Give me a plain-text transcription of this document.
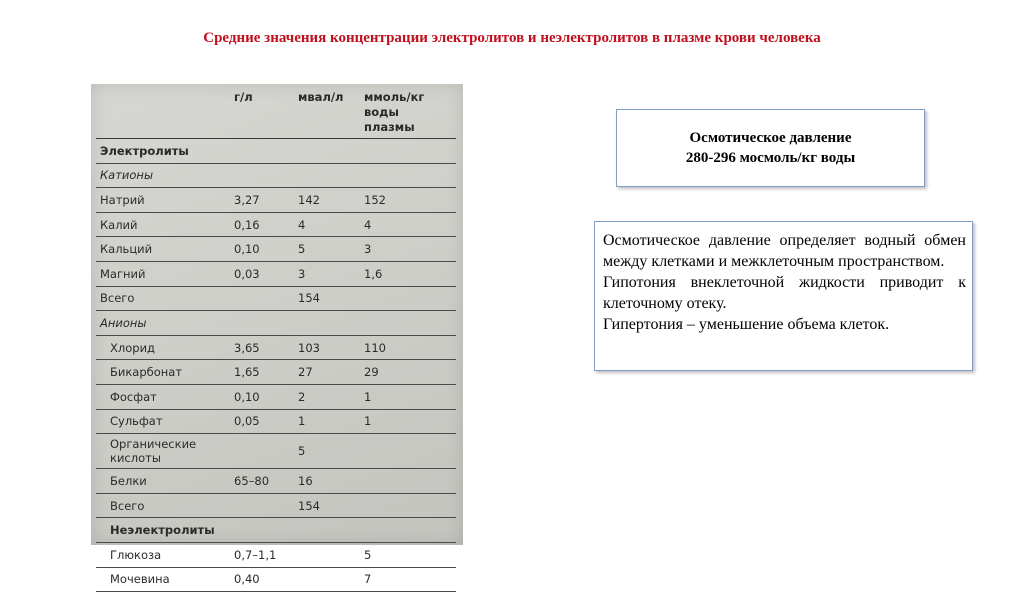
Средние значения концентрации электролитов и неэлектролитов в плазме крови человека
	г/л	мвал/л	ммоль/кг воды плазмы
Электролиты			
Катионы			
Натрий	3,27	142	152
Калий	0,16	4	4
Кальций	0,10	5	3
Магний	0,03	3	1,6
Всего		154	
Анионы			
Хлорид	3,65	103	110
Бикарбонат	1,65	27	29
Фосфат	0,10	2	1
Сульфат	0,05	1	1
Органические кислоты		5	
Белки	65–80	16	
Всего		154	
Неэлектролиты			
Глюкоза	0,7–1,1		5
Мочевина	0,40		7
Осмотическое давление
280-296 мосмоль/кг воды

Осмотическое давление определяет водный обмен между клетками и межклеточным пространством.

Гипотония внеклеточной жидкости приводит к клеточному отеку.

Гипертония – уменьшение объема клеток.
